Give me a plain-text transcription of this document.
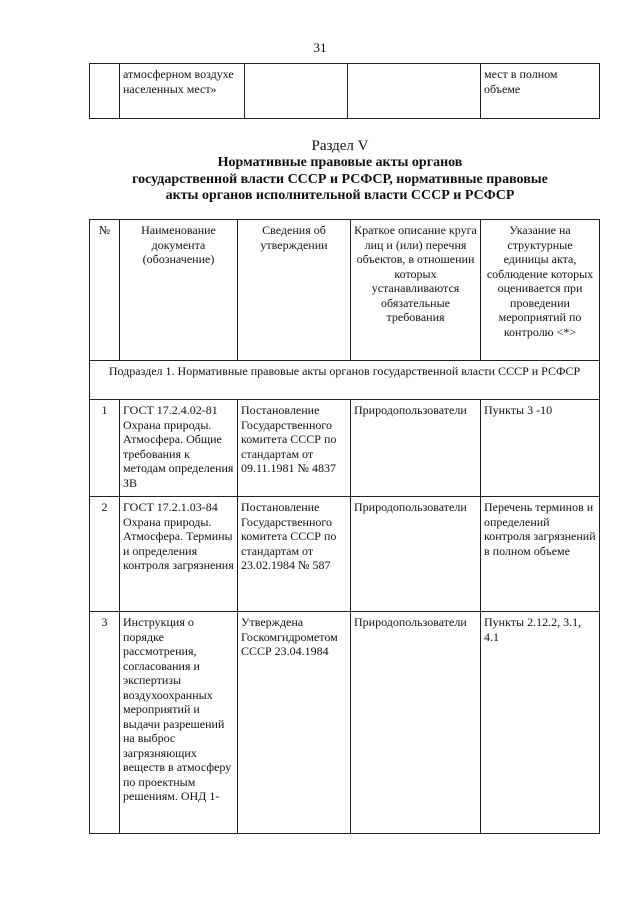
31
	атмосферном воздухе населенных мест»			мест в полном объеме
Раздел V
Нормативные правовые акты органов
государственной власти СССР и РСФСР, нормативные правовые
акты органов исполнительной власти СССР и РСФСР
№	Наименование документа (обозначение)	Сведения об утверждении	Краткое описание круга лиц и (или) перечня объектов, в отношении которых устанавливаются обязательные требования	Указание на структурные единицы акта, соблюдение которых оценивается при проведении мероприятий по контролю <*>
Подраздел 1. Нормативные правовые акты органов государственной власти СССР и РСФСР				
1	ГОСТ 17.2.4.02-81 Охрана природы. Атмосфера. Общие требования к методам определения ЗВ	Постановление Государственного комитета СССР по стандартам от 09.11.1981 № 4837	Природопользователи	Пункты 3 -10
2	ГОСТ 17.2.1.03-84 Охрана природы. Атмосфера. Термины и определения контроля загрязнения	Постановление Государственного комитета СССР по стандартам от 23.02.1984 № 587	Природопользователи	Перечень терминов и определений контроля загрязнений в полном объеме
3	Инструкция о порядке рассмотрения, согласования и экспертизы воздухоохранных мероприятий и выдачи разрешений на выброс загрязняющих веществ в атмосферу по проектным решениям. ОНД 1-	Утверждена Госкомгидрометом СССР 23.04.1984	Природопользователи	Пункты 2.12.2, 3.1, 4.1
